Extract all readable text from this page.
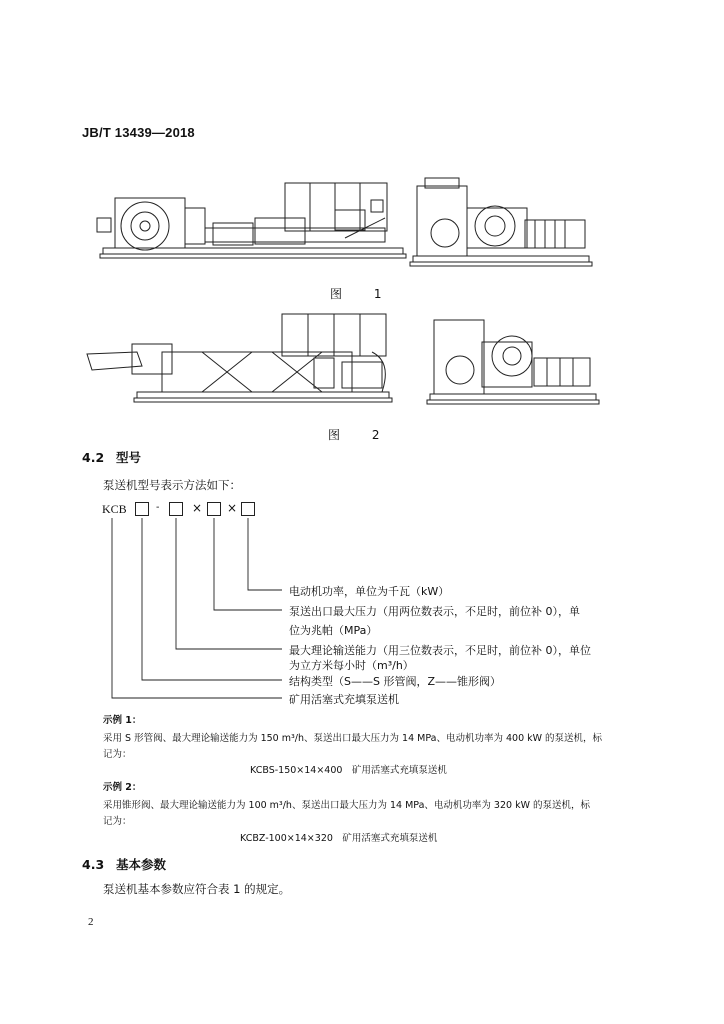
JB/T 13439—2018
图 1
图 2
4.2 型号
泵送机型号表示方法如下：
KCB	-	× ×
电动机功率，单位为千瓦（kW）
泵送出口最大压力（用两位数表示，不足时，前位补 0），单
位为兆帕（MPa）
最大理论输送能力（用三位数表示，不足时，前位补 0），单位
为立方米每小时（m³/h）
结构类型（S——S 形管阀，Z——锥形阀）
矿用活塞式充填泵送机
示例 1：
采用 S 形管阀、最大理论输送能力为 150 m³/h、泵送出口最大压力为 14 MPa、电动机功率为 400 kW 的泵送机，标
记为：
KCBS-150×14×400　矿用活塞式充填泵送机
示例 2：
采用锥形阀、最大理论输送能力为 100 m³/h、泵送出口最大压力为 14 MPa、电动机功率为 320 kW 的泵送机，标
记为：
KCBZ-100×14×320　矿用活塞式充填泵送机
4.3 基本参数
泵送机基本参数应符合表 1 的规定。
2
